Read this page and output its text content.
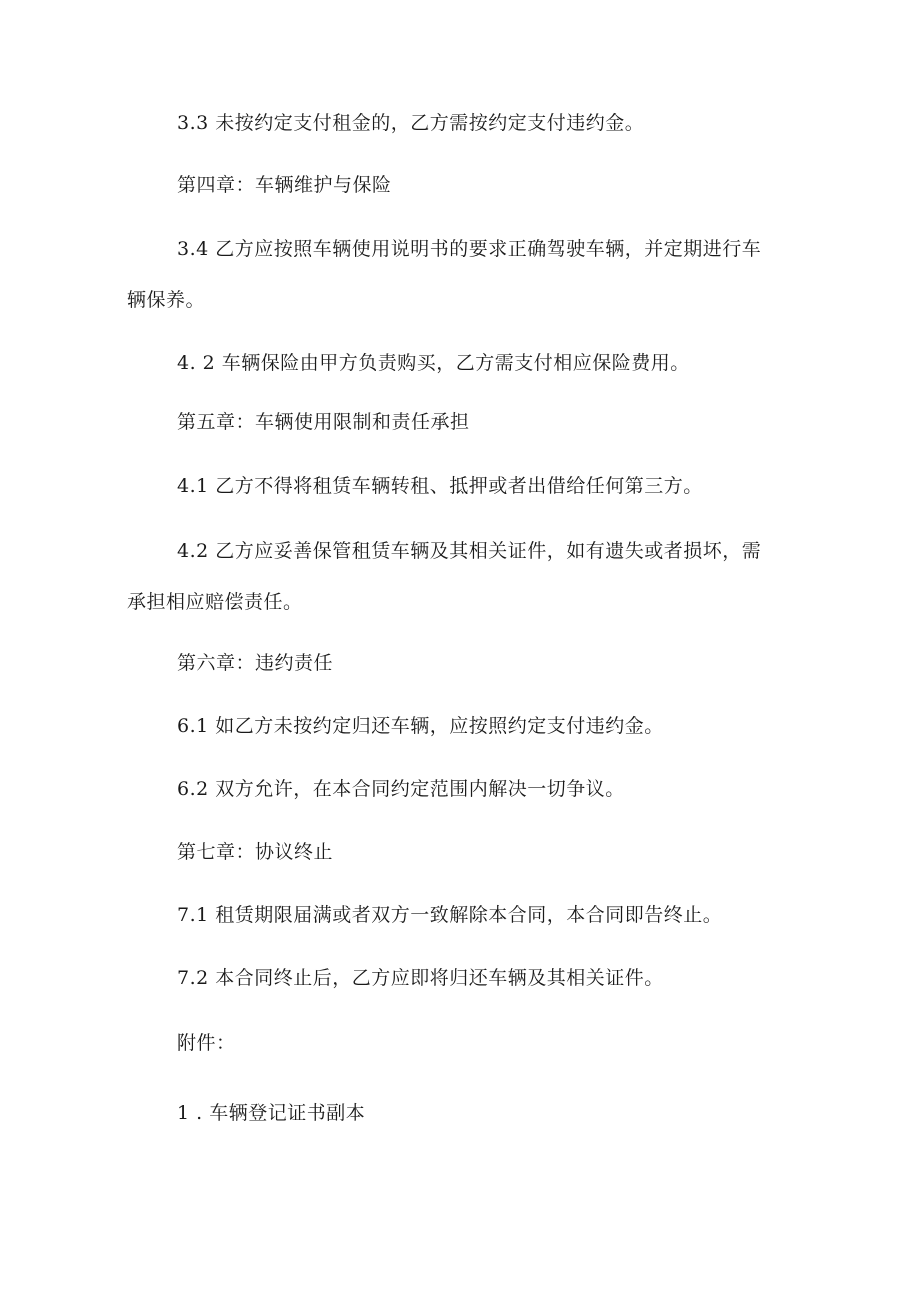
3.3 未按约定支付租金的，乙方需按约定支付违约金。
第四章：车辆维护与保险
3.4 乙方应按照车辆使用说明书的要求正确驾驶车辆，并定期进行车
辆保养。
4. 2 车辆保险由甲方负责购买，乙方需支付相应保险费用。
第五章：车辆使用限制和责任承担
4.1 乙方不得将租赁车辆转租、抵押或者出借给任何第三方。
4.2 乙方应妥善保管租赁车辆及其相关证件，如有遗失或者损坏，需
承担相应赔偿责任。
第六章：违约责任
6.1 如乙方未按约定归还车辆，应按照约定支付违约金。
6.2 双方允许，在本合同约定范围内解决一切争议。
第七章：协议终止
7.1 租赁期限届满或者双方一致解除本合同，本合同即告终止。
7.2 本合同终止后，乙方应即将归还车辆及其相关证件。
附件：
1 . 车辆登记证书副本
